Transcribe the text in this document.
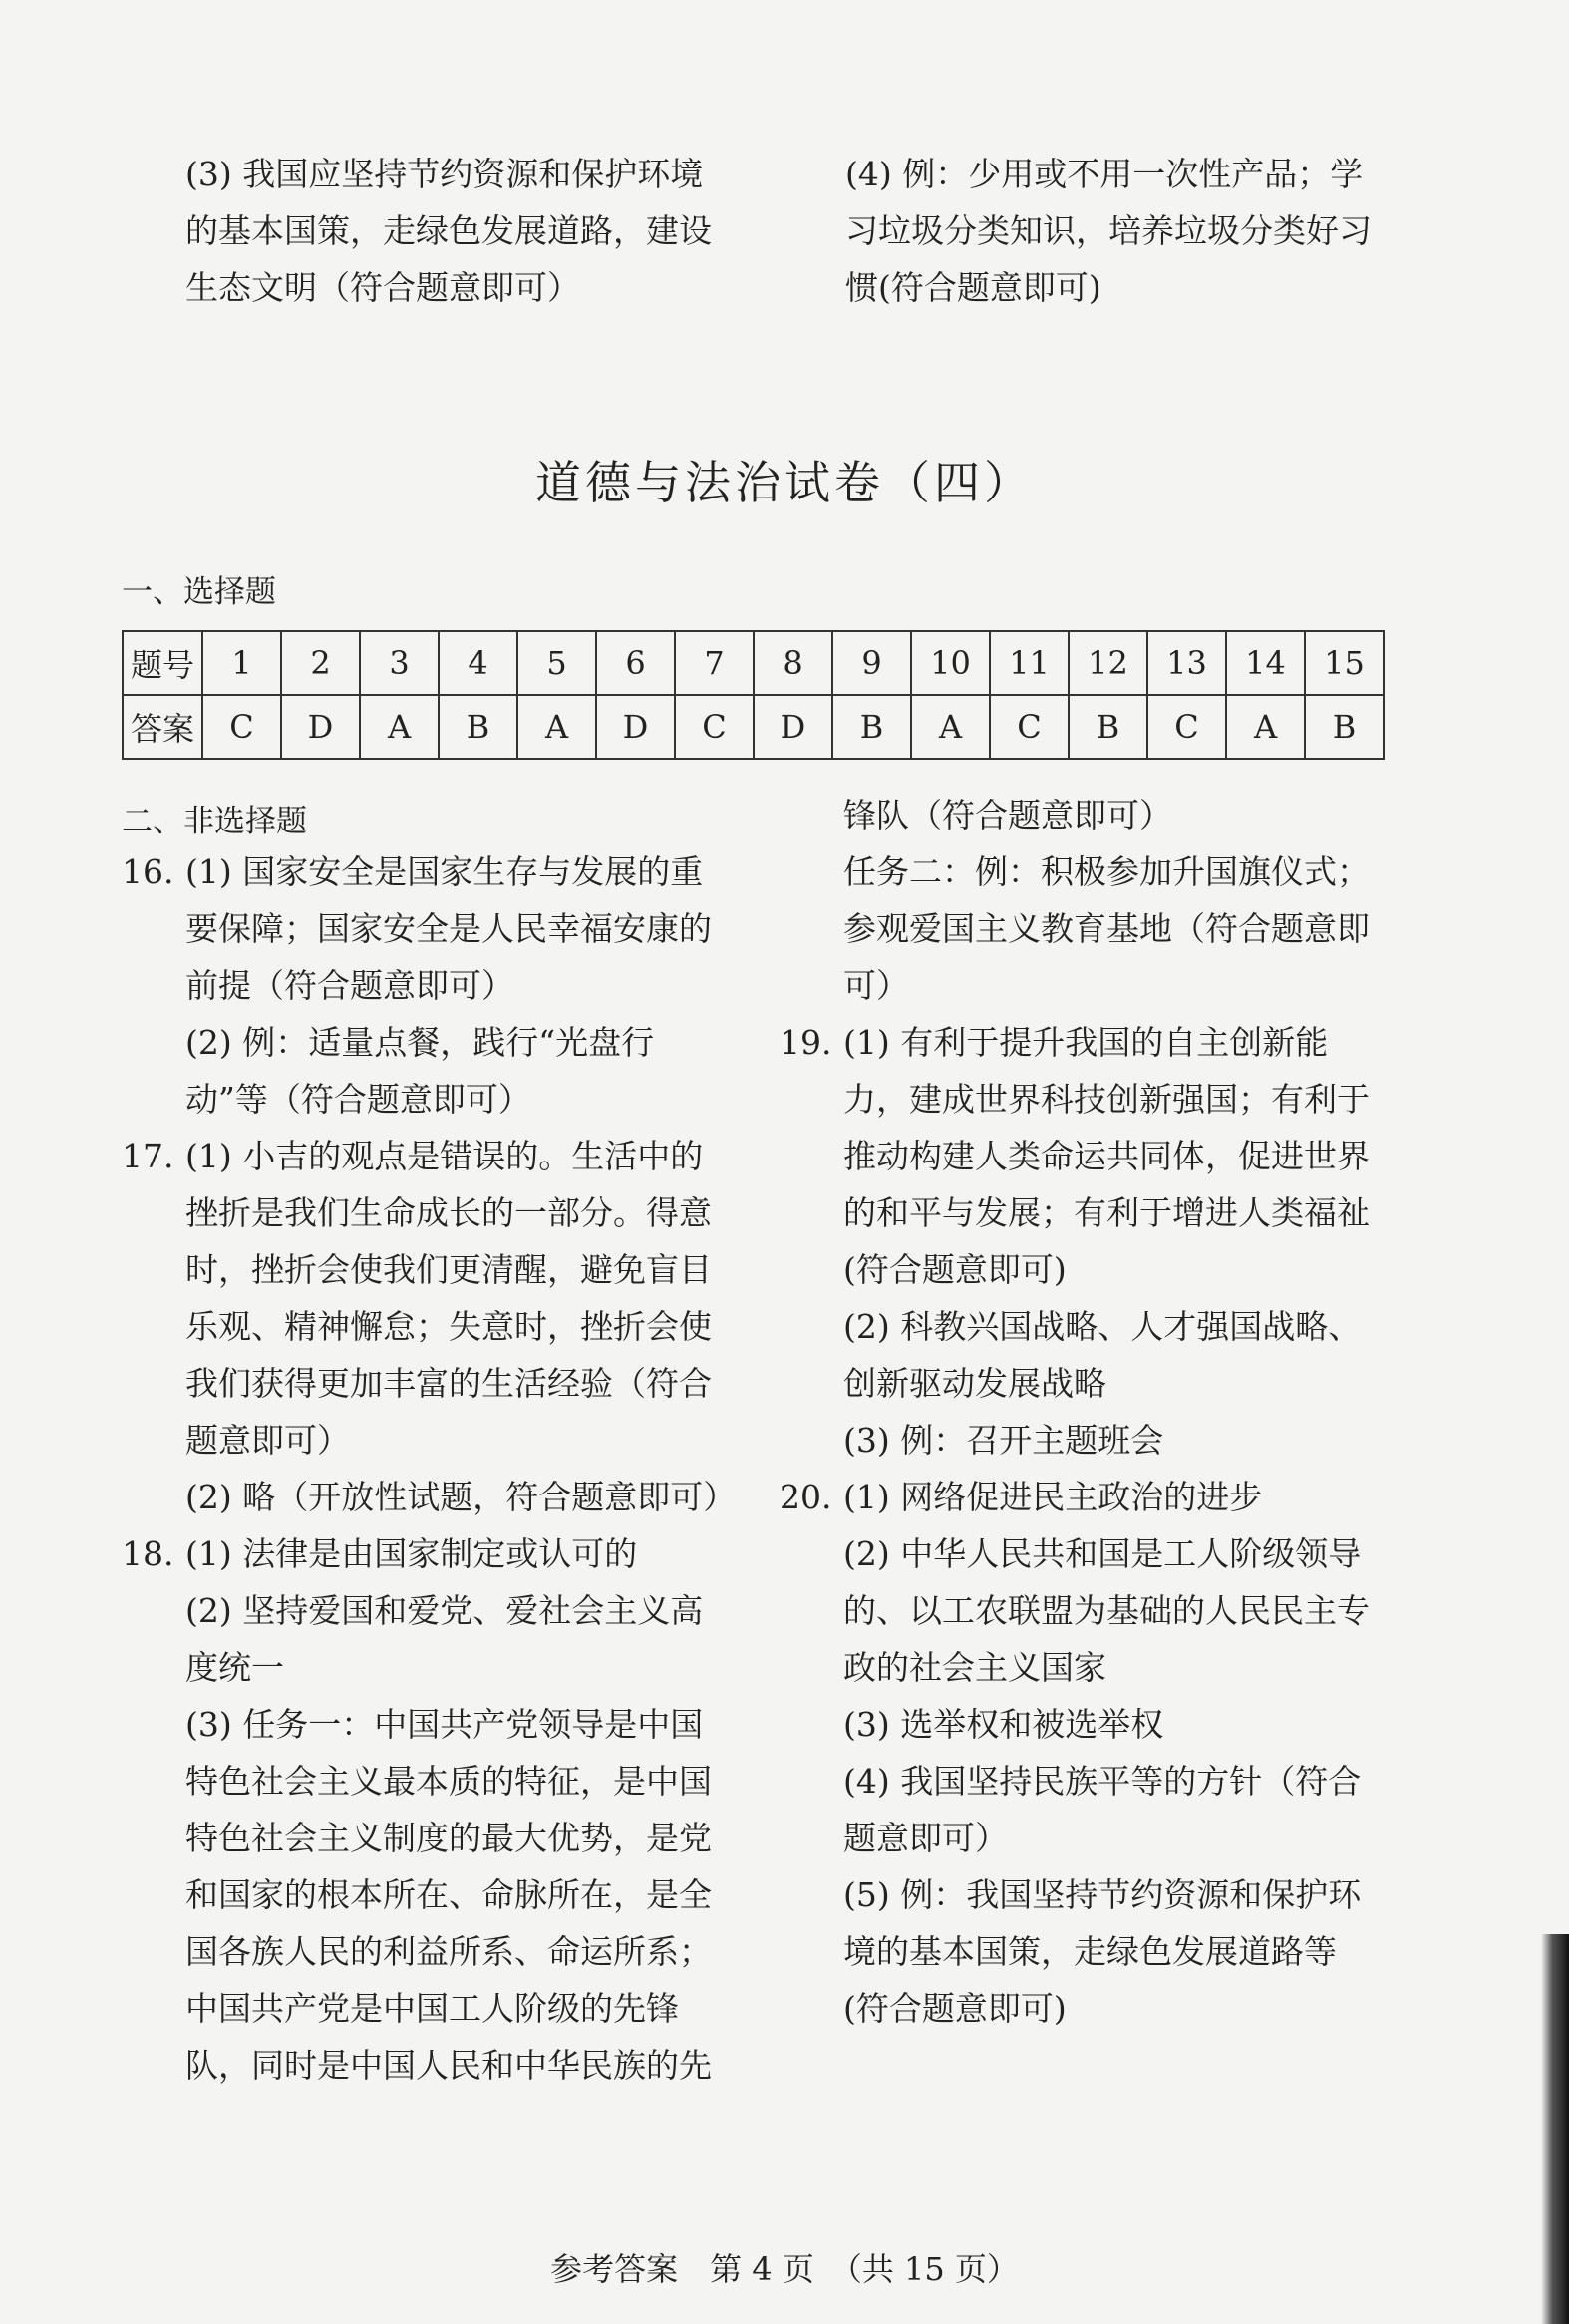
(3) 我国应坚持节约资源和保护环境
的基本国策，走绿色发展道路，建设
生态文明（符合题意即可）
(4) 例：少用或不用一次性产品；学
习垃圾分类知识，培养垃圾分类好习
惯(符合题意即可)
道德与法治试卷（四）
一、选择题
题号	1	2	3	4	5	6	7	8	9	10	11	12	13	14	15
答案	C	D	A	B	A	D	C	D	B	A	C	B	C	A	B
二、非选择题
16. (1) 国家安全是国家生存与发展的重
要保障；国家安全是人民幸福安康的
前提（符合题意即可）
(2) 例：适量点餐，践行“光盘行
动”等（符合题意即可）
17. (1) 小吉的观点是错误的。生活中的
挫折是我们生命成长的一部分。得意
时，挫折会使我们更清醒，避免盲目
乐观、精神懈怠；失意时，挫折会使
我们获得更加丰富的生活经验（符合
题意即可）
(2) 略（开放性试题，符合题意即可）
18. (1) 法律是由国家制定或认可的
(2) 坚持爱国和爱党、爱社会主义高
度统一
(3) 任务一：中国共产党领导是中国
特色社会主义最本质的特征，是中国
特色社会主义制度的最大优势，是党
和国家的根本所在、命脉所在，是全
国各族人民的利益所系、命运所系；
中国共产党是中国工人阶级的先锋
队，同时是中国人民和中华民族的先
锋队（符合题意即可）
任务二：例：积极参加升国旗仪式；
参观爱国主义教育基地（符合题意即
可）
19. (1) 有利于提升我国的自主创新能
力，建成世界科技创新强国；有利于
推动构建人类命运共同体，促进世界
的和平与发展；有利于增进人类福祉
(符合题意即可)
(2) 科教兴国战略、人才强国战略、
创新驱动发展战略
(3) 例：召开主题班会
20. (1) 网络促进民主政治的进步
(2) 中华人民共和国是工人阶级领导
的、以工农联盟为基础的人民民主专
政的社会主义国家
(3) 选举权和被选举权
(4) 我国坚持民族平等的方针（符合
题意即可）
(5) 例：我国坚持节约资源和保护环
境的基本国策，走绿色发展道路等
(符合题意即可)
参考答案　第 4 页　（共 15 页）
